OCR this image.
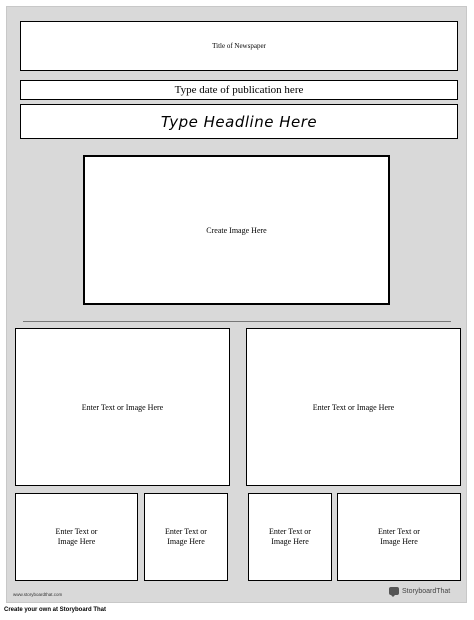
Title of Newspaper
Type date of publication here
Type Headline Here
Create Image Here
Enter Text or Image Here	Enter Text or Image Here
Enter Text or
Image Here
Enter Text or
Image Here
Enter Text or
Image Here
Enter Text or
Image Here
www.storyboardthat.com	StoryboardThat
Create your own at Storyboard That
